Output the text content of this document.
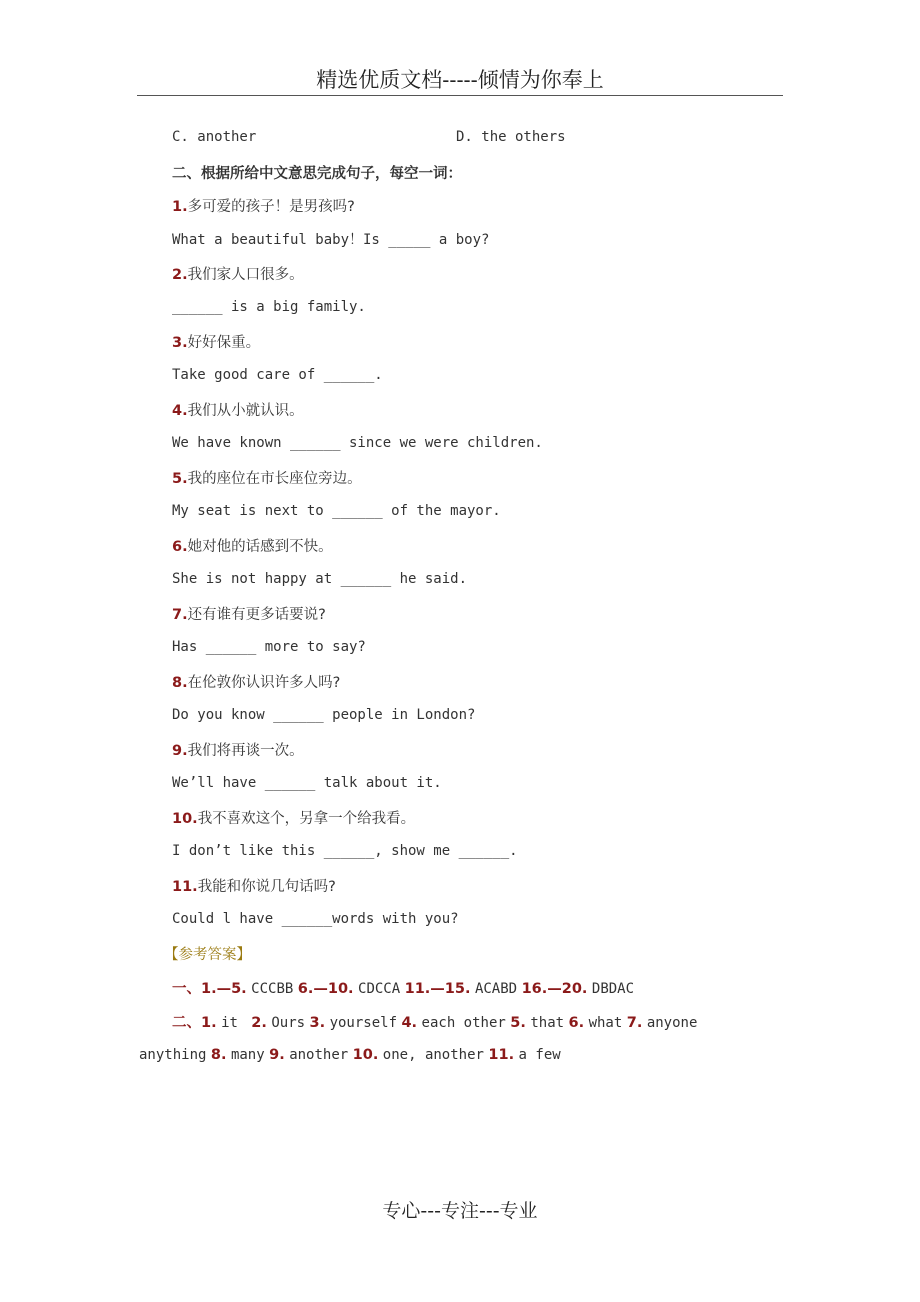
精选优质文档-----倾情为你奉上
C. another	D. the others
二、根据所给中文意思完成句子，每空一词：
1.多可爱的孩子！是男孩吗?
What a beautiful baby！Is _____ a boy?
2.我们家人口很多。
______ is a big family.
3.好好保重。
Take good care of ______.
4.我们从小就认识。
We have known ______ since we were children.
5.我的座位在市长座位旁边。
My seat is next to ______ of the mayor.
6.她对他的话感到不快。
She is not happy at ______ he said.
7.还有谁有更多话要说?
Has ______ more to say?
8.在伦敦你认识许多人吗?
Do you know ______ people in London?
9.我们将再谈一次。
We’ll have ______ talk about it.
10.我不喜欢这个，另拿一个给我看。
I don’t like this ______, show me ______.
11.我能和你说几句话吗?
Could l have ______words with you?
【参考答案】
一、1.—5. CCCBB 6.—10. CDCCA 11.—15. ACABD 16.—20. DBDAC
二、1. it 2. Ours 3. yourself 4. each other 5. that 6. what 7. anyone
anything 8. many 9. another 10. one, another 11. a few
专心---专注---专业
